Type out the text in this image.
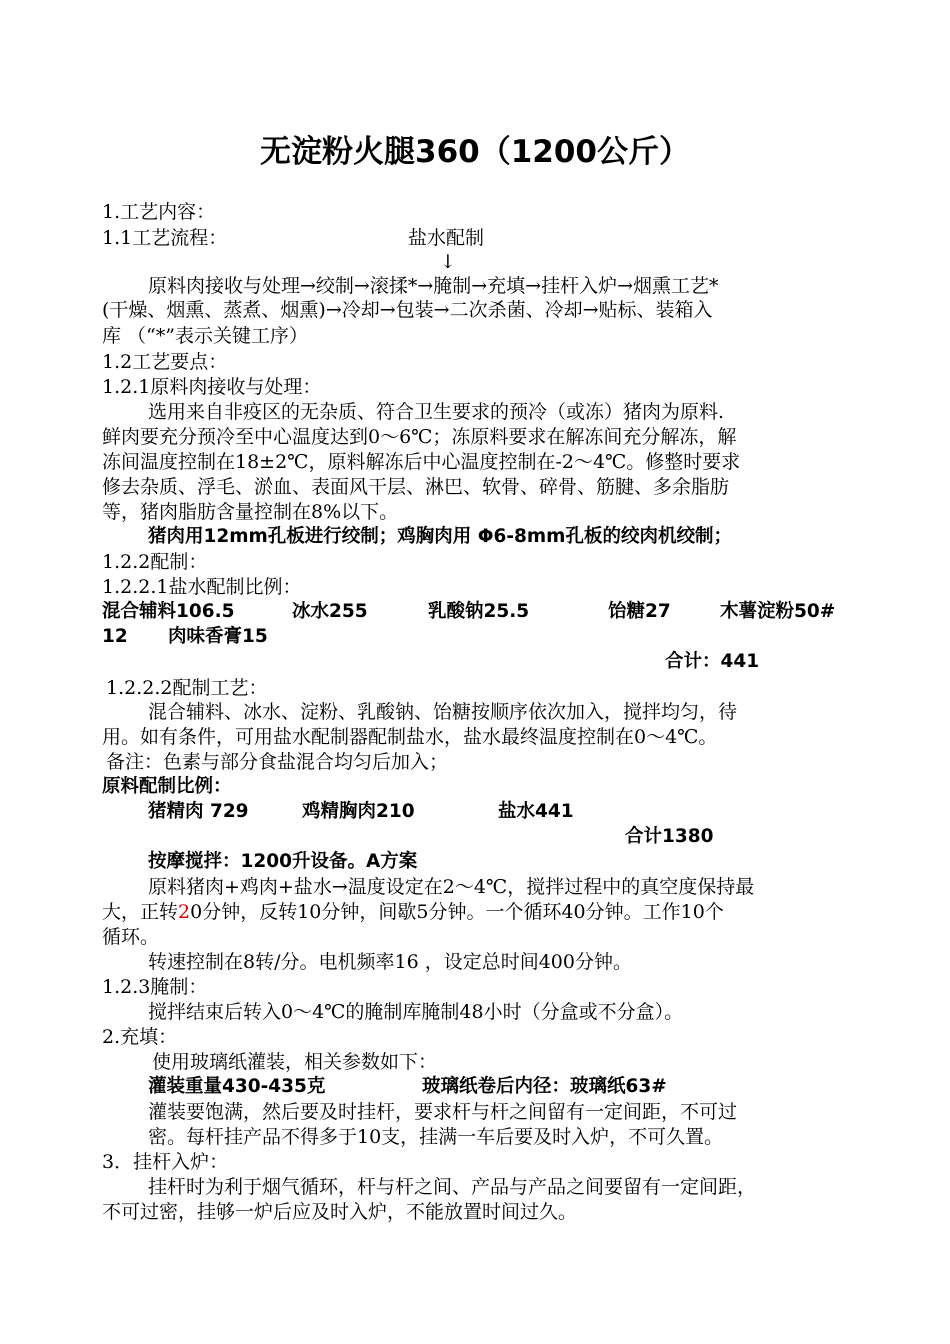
无淀粉火腿360（1200公斤）
1.工艺内容：
1.1工艺流程：	盐水配制
↓
原料肉接收与处理→绞制→滚揉*→腌制→充填→挂杆入炉→烟熏工艺*
(干燥、烟熏、蒸煮、烟熏)→冷却→包装→二次杀菌、冷却→贴标、装箱入
库 （“*”表示关键工序）
1.2工艺要点：
1.2.1原料肉接收与处理：
选用来自非疫区的无杂质、符合卫生要求的预冷（或冻）猪肉为原料.
鲜肉要充分预冷至中心温度达到0～6℃；冻原料要求在解冻间充分解冻，解
冻间温度控制在18±2℃，原料解冻后中心温度控制在-2～4℃。修整时要求
修去杂质、浮毛、淤血、表面风干层、淋巴、软骨、碎骨、筋腱、多余脂肪
等，猪肉脂肪含量控制在8%以下。
猪肉用12mm孔板进行绞制；鸡胸肉用 Φ6-8mm孔板的绞肉机绞制；
1.2.2配制：
1.2.2.1盐水配制比例：
混合辅料106.5	冰水255	乳酸钠25.5	饴糖27	木薯淀粉50#
12 肉味香膏15
合计：441
1.2.2.2配制工艺：
混合辅料、冰水、淀粉、乳酸钠、饴糖按顺序依次加入，搅拌均匀，待
用。如有条件，可用盐水配制器配制盐水，盐水最终温度控制在0～4℃。
备注：色素与部分食盐混合均匀后加入；
原料配制比例：
猪精肉 729	鸡精胸肉210	盐水441
合计1380
按摩搅拌：1200升设备。A方案
原料猪肉+鸡肉+盐水→温度设定在2～4℃，搅拌过程中的真空度保持最
大，正转20分钟，反转10分钟，间歇5分钟。一个循环40分钟。工作10个
循环。
转速控制在8转/分。电机频率16 ，设定总时间400分钟。
1.2.3腌制：
搅拌结束后转入0～4℃的腌制库腌制48小时（分盒或不分盒）。
2.充填：
使用玻璃纸灌装，相关参数如下：
灌装重量430-435克	玻璃纸卷后内径：玻璃纸63#
灌装要饱满，然后要及时挂杆，要求杆与杆之间留有一定间距，不可过
密。每杆挂产品不得多于10支，挂满一车后要及时入炉，不可久置。
3．挂杆入炉：
挂杆时为利于烟气循环，杆与杆之间、产品与产品之间要留有一定间距，
不可过密，挂够一炉后应及时入炉，不能放置时间过久。
